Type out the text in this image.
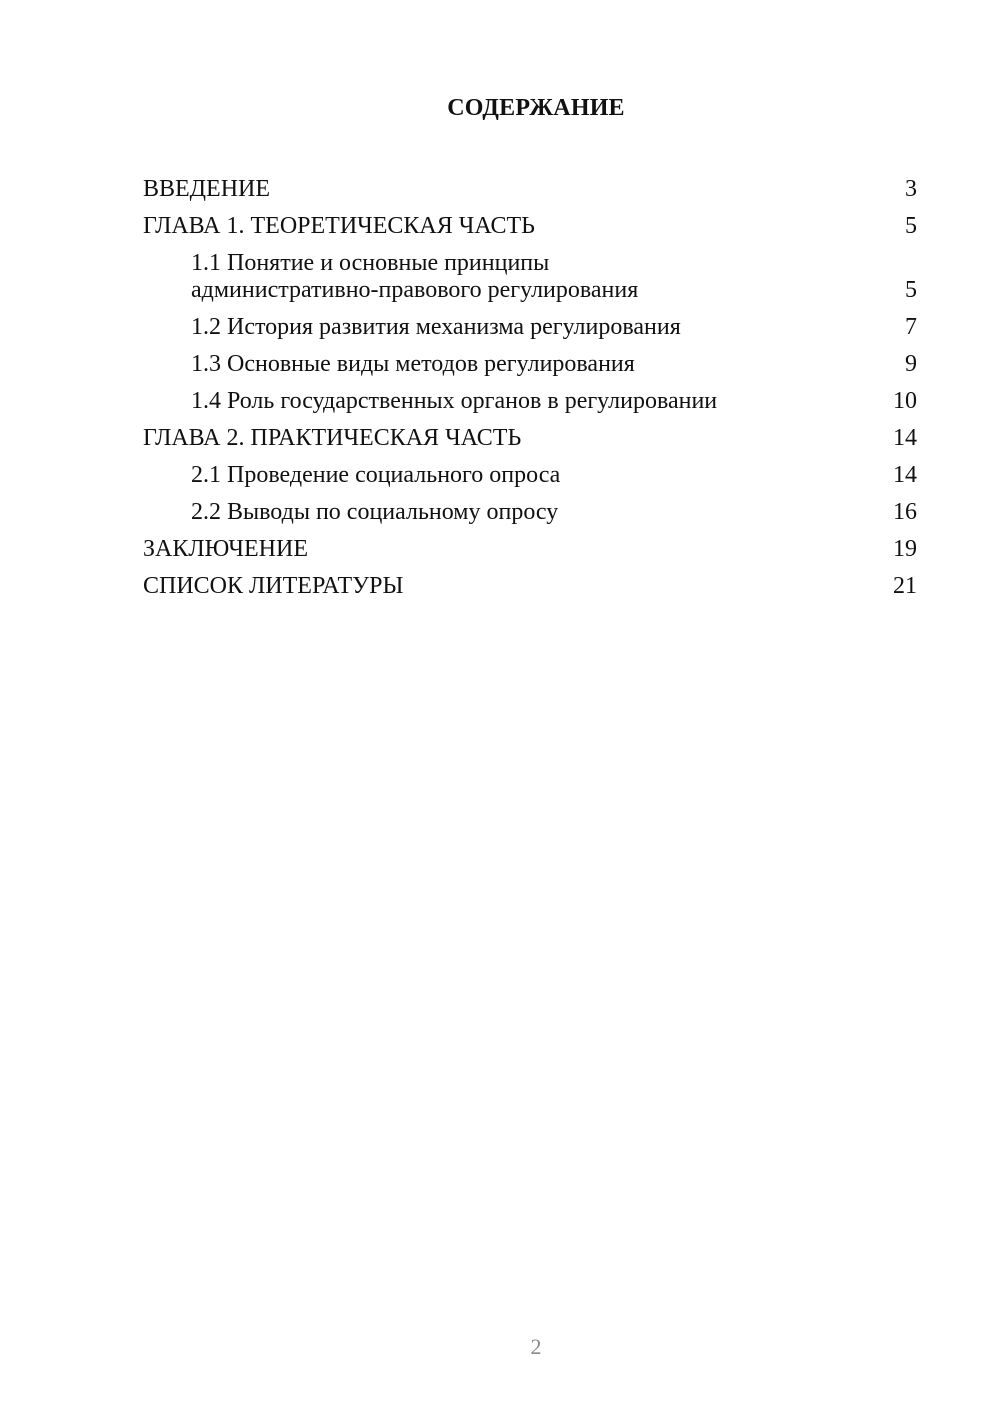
СОДЕРЖАНИЕ
ВВЕДЕНИЕ	3
ГЛАВА 1. ТЕОРЕТИЧЕСКАЯ ЧАСТЬ	5
1.1 Понятие и основные принципы
административно-правового регулирования	5
1.2 История развития механизма регулирования	7
1.3 Основные виды методов регулирования	9
1.4 Роль государственных органов в регулировании	10
ГЛАВА 2. ПРАКТИЧЕСКАЯ ЧАСТЬ	14
2.1 Проведение социального опроса	14
2.2 Выводы по социальному опросу	16
ЗАКЛЮЧЕНИЕ	19
СПИСОК ЛИТЕРАТУРЫ	21
2
